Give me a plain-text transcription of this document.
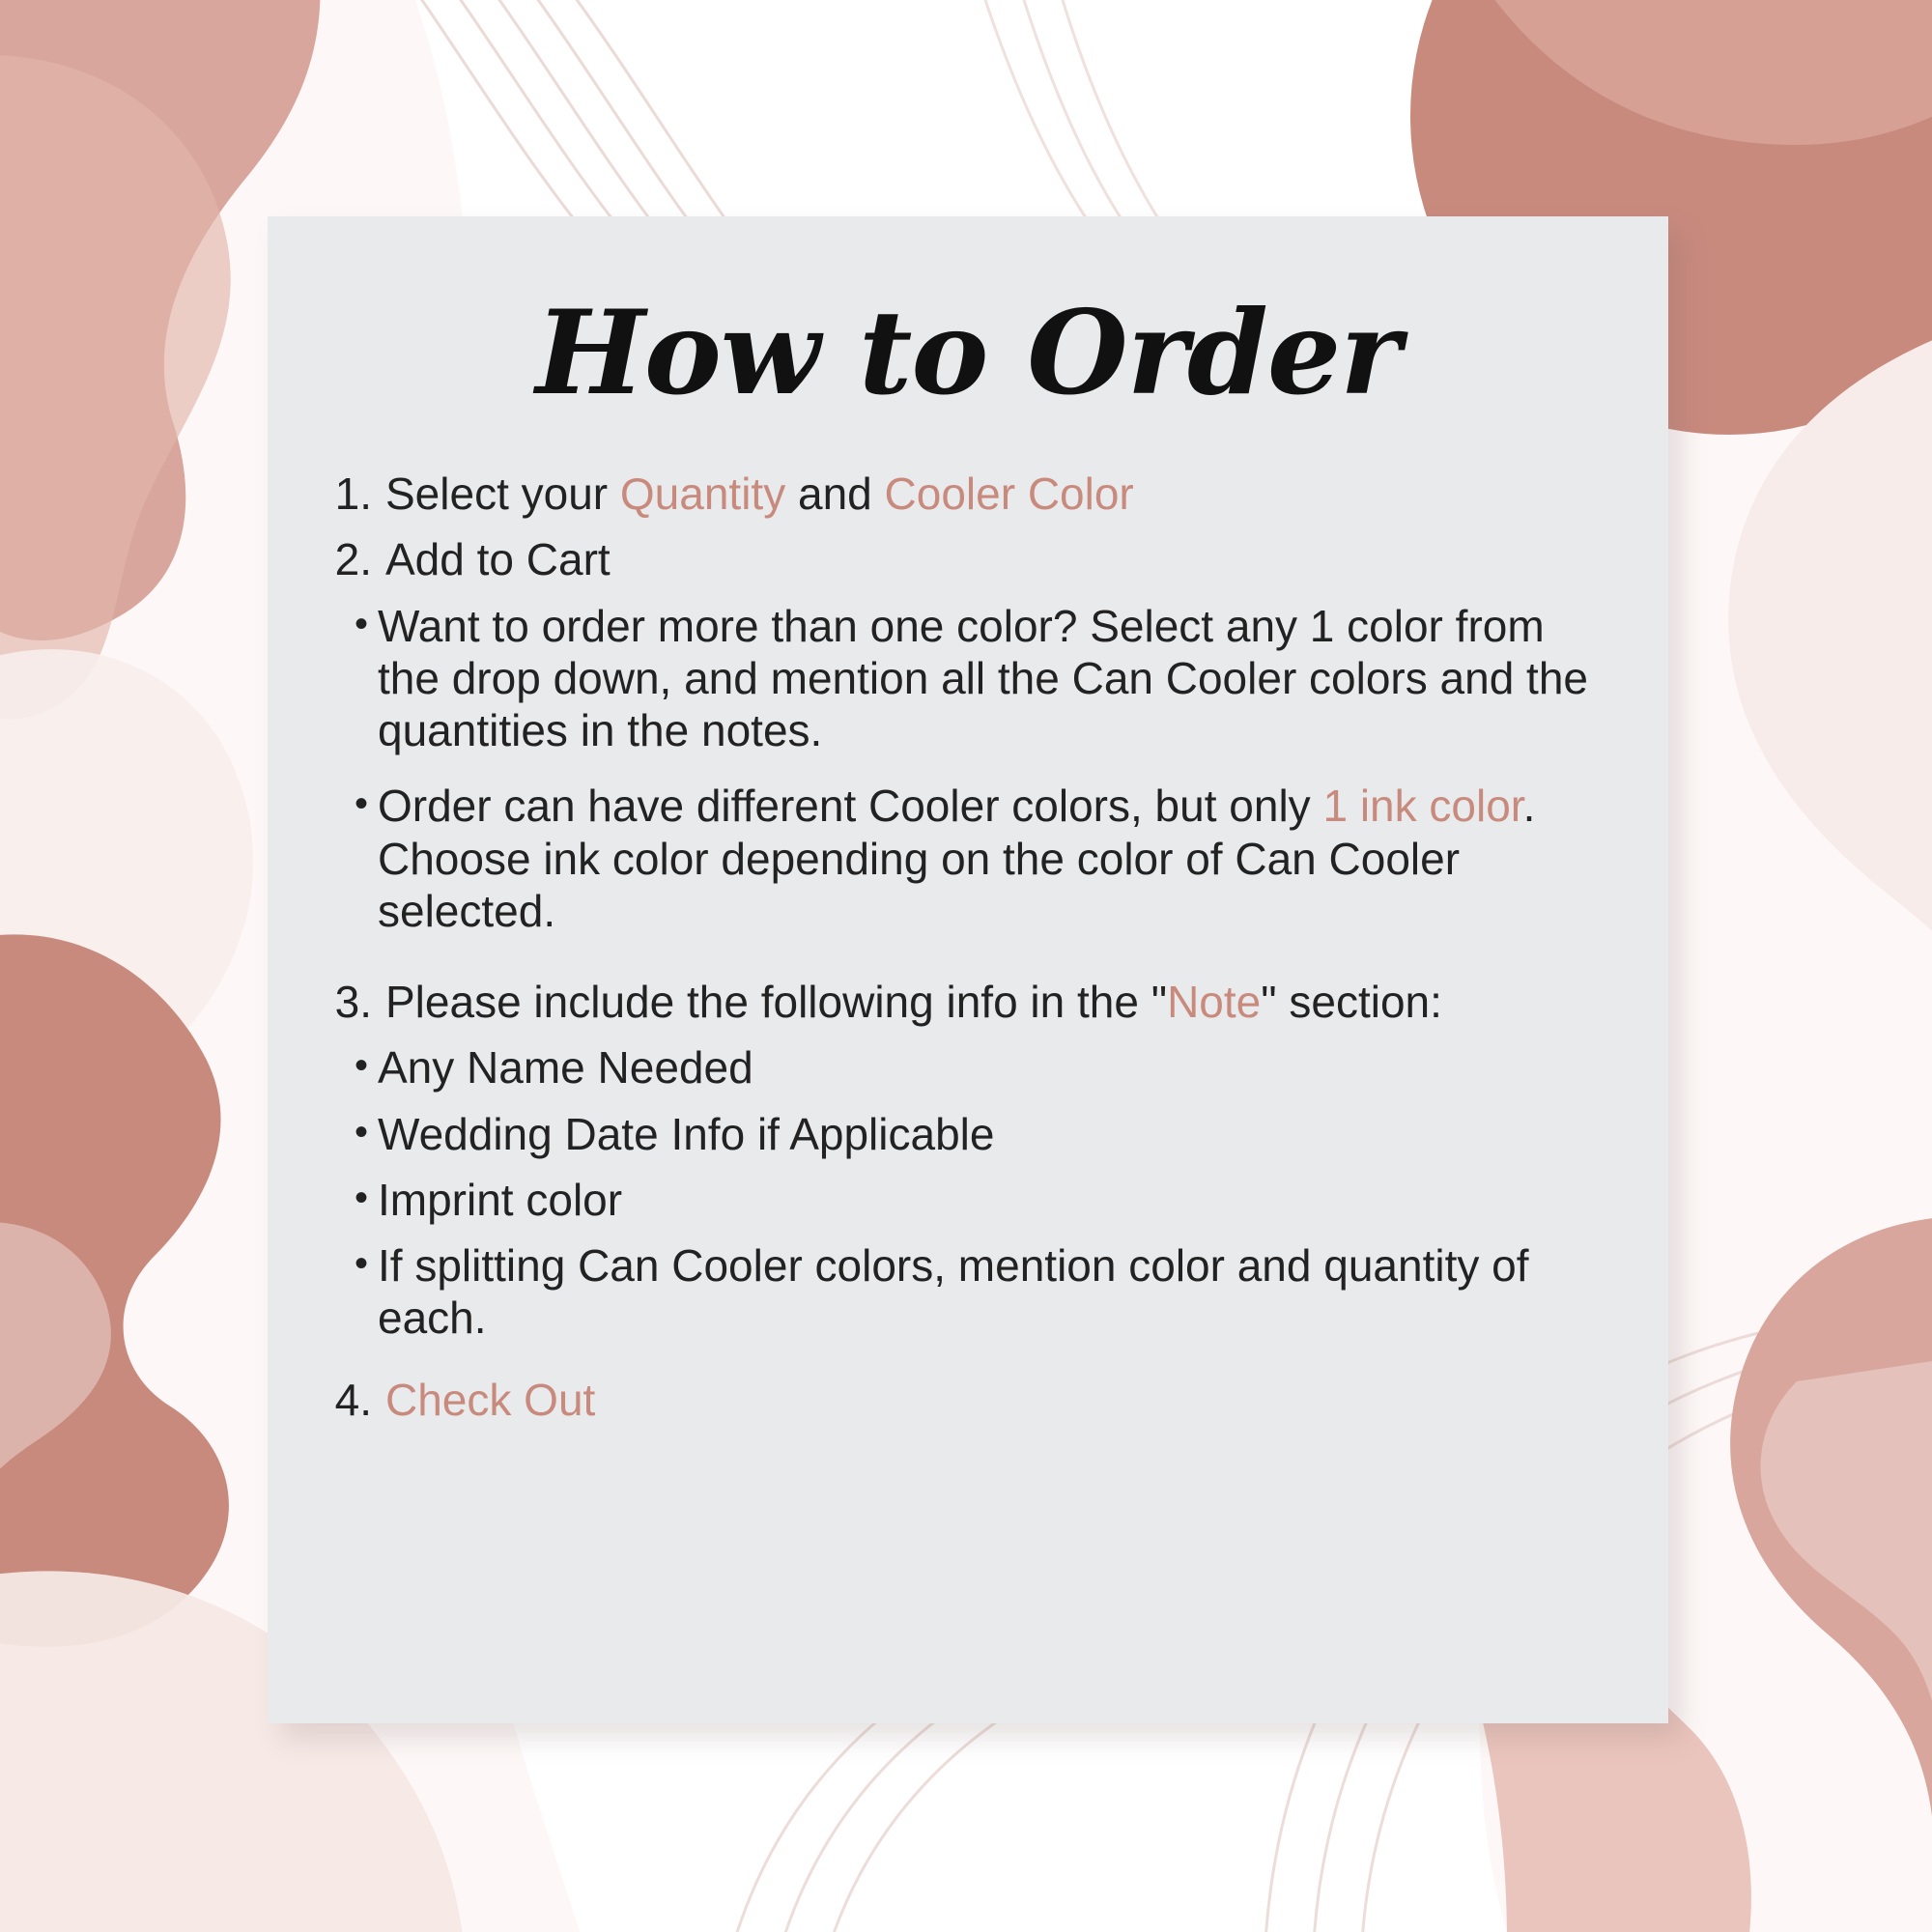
How to Order
1. Select your Quantity and Cooler Color
2. Add to Cart
• Want to order more than one color? Select any 1 color from the drop down, and mention all the Can Cooler colors and the quantities in the notes.
• Order can have different Cooler colors, but only 1 ink color. Choose ink color depending on the color of Can Cooler selected.
3. Please include the following info in the "Note" section:
• Any Name Needed
• Wedding Date Info if Applicable
• Imprint color
• If splitting Can Cooler colors, mention color and quantity of each.
4. Check Out
